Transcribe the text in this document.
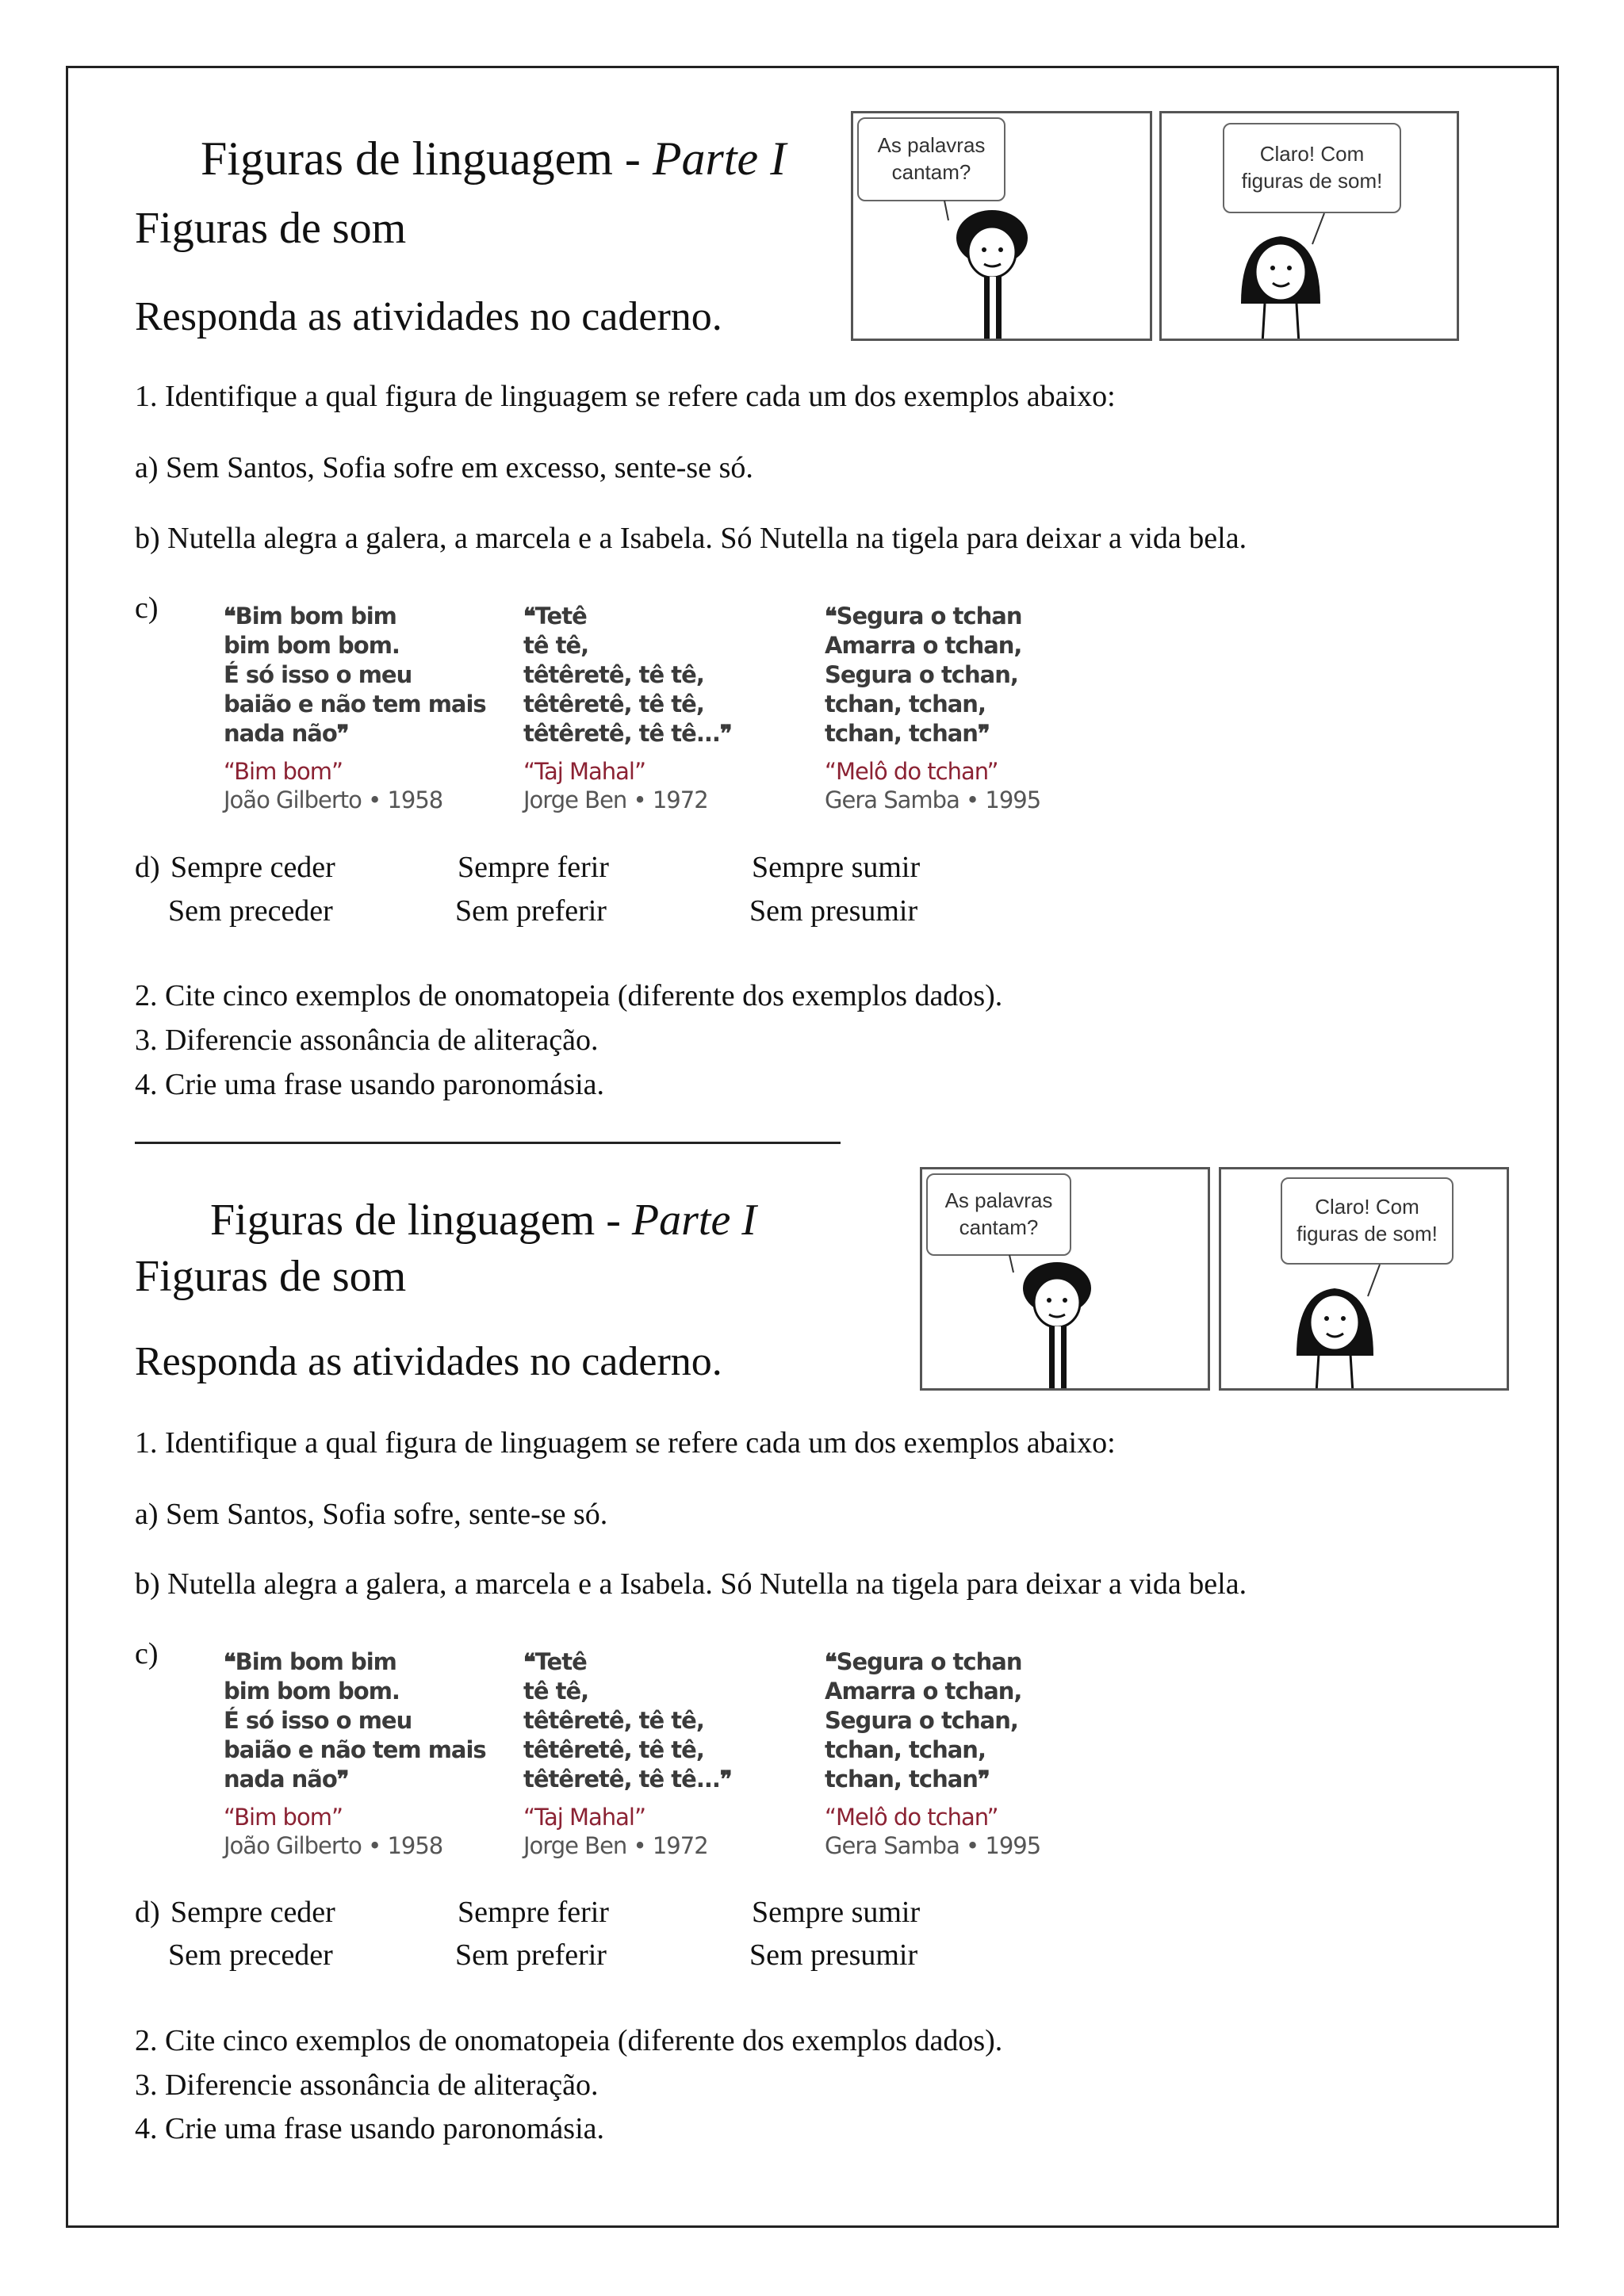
Figuras de linguagem - Parte I
Figuras de som
Responda as atividades no caderno.
As palavras
cantam?
Claro! Com
figuras de som!
1. Identifique a qual figura de linguagem se refere cada um dos exemplos abaixo:
a) Sem Santos, Sofia sofre em excesso, sente-se só.
b) Nutella alegra a galera, a marcela e a Isabela. Só Nutella na tigela para deixar a vida bela.
c)	❝Bim bom bim
bim bom bom.
É só isso o meu
baião e não tem mais
nada não❞
“Bim bom”
João Gilberto • 1958
❝Tetê
tê tê,
têtêretê, tê tê,
têtêretê, tê tê,
têtêretê, tê tê...❞
“Taj Mahal”
Jorge Ben • 1972
❝Segura o tchan
Amarra o tchan,
Segura o tchan,
tchan, tchan,
tchan, tchan❞
“Melô do tchan”
Gera Samba • 1995
d) Sempre ceder	Sempre ferir	Sempre sumir
Sem preceder	Sem preferir	Sem presumir
2. Cite cinco exemplos de onomatopeia (diferente dos exemplos dados).
3. Diferencie assonância de aliteração.
4. Crie uma frase usando paronomásia.
Figuras de linguagem - Parte I
Figuras de som
Responda as atividades no caderno.
As palavras
cantam?
Claro! Com
figuras de som!
1. Identifique a qual figura de linguagem se refere cada um dos exemplos abaixo:
a) Sem Santos, Sofia sofre, sente-se só.
b) Nutella alegra a galera, a marcela e a Isabela. Só Nutella na tigela para deixar a vida bela.
c)	❝Bim bom bim
bim bom bom.
É só isso o meu
baião e não tem mais
nada não❞
“Bim bom”
João Gilberto • 1958
❝Tetê
tê tê,
têtêretê, tê tê,
têtêretê, tê tê,
têtêretê, tê tê...❞
“Taj Mahal”
Jorge Ben • 1972
❝Segura o tchan
Amarra o tchan,
Segura o tchan,
tchan, tchan,
tchan, tchan❞
“Melô do tchan”
Gera Samba • 1995
d) Sempre ceder	Sempre ferir	Sempre sumir
Sem preceder	Sem preferir	Sem presumir
2. Cite cinco exemplos de onomatopeia (diferente dos exemplos dados).
3. Diferencie assonância de aliteração.
4. Crie uma frase usando paronomásia.
